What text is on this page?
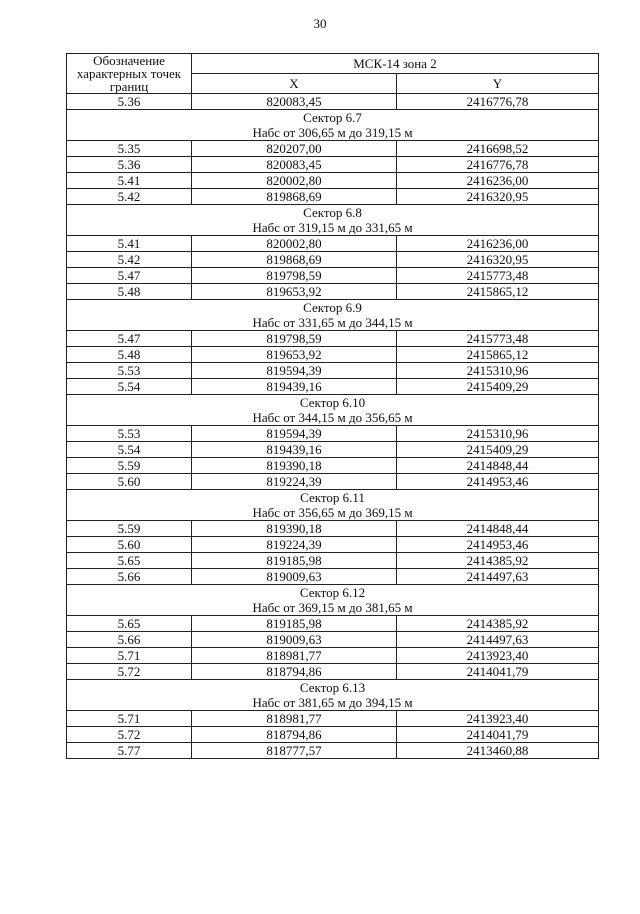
30
Обозначение характерных точек границ	МСК-14 зона 2	
	X	Y
5.36	820083,45	2416776,78
Сектор 6.7		
Набс от 306,65 м до 319,15 м		
5.35	820207,00	2416698,52
5.36	820083,45	2416776,78
5.41	820002,80	2416236,00
5.42	819868,69	2416320,95
Сектор 6.8		
Набс от 319,15 м до 331,65 м		
5.41	820002,80	2416236,00
5.42	819868,69	2416320,95
5.47	819798,59	2415773,48
5.48	819653,92	2415865,12
Сектор 6.9		
Набс от 331,65 м до 344,15 м		
5.47	819798,59	2415773,48
5.48	819653,92	2415865,12
5.53	819594,39	2415310,96
5.54	819439,16	2415409,29
Сектор 6.10		
Набс от 344,15 м до 356,65 м		
5.53	819594,39	2415310,96
5.54	819439,16	2415409,29
5.59	819390,18	2414848,44
5.60	819224,39	2414953,46
Сектор 6.11		
Набс от 356,65 м до 369,15 м		
5.59	819390,18	2414848,44
5.60	819224,39	2414953,46
5.65	819185,98	2414385,92
5.66	819009,63	2414497,63
Сектор 6.12		
Набс от 369,15 м до 381,65 м		
5.65	819185,98	2414385,92
5.66	819009,63	2414497,63
5.71	818981,77	2413923,40
5.72	818794,86	2414041,79
Сектор 6.13		
Набс от 381,65 м до 394,15 м		
5.71	818981,77	2413923,40
5.72	818794,86	2414041,79
5.77	818777,57	2413460,88
